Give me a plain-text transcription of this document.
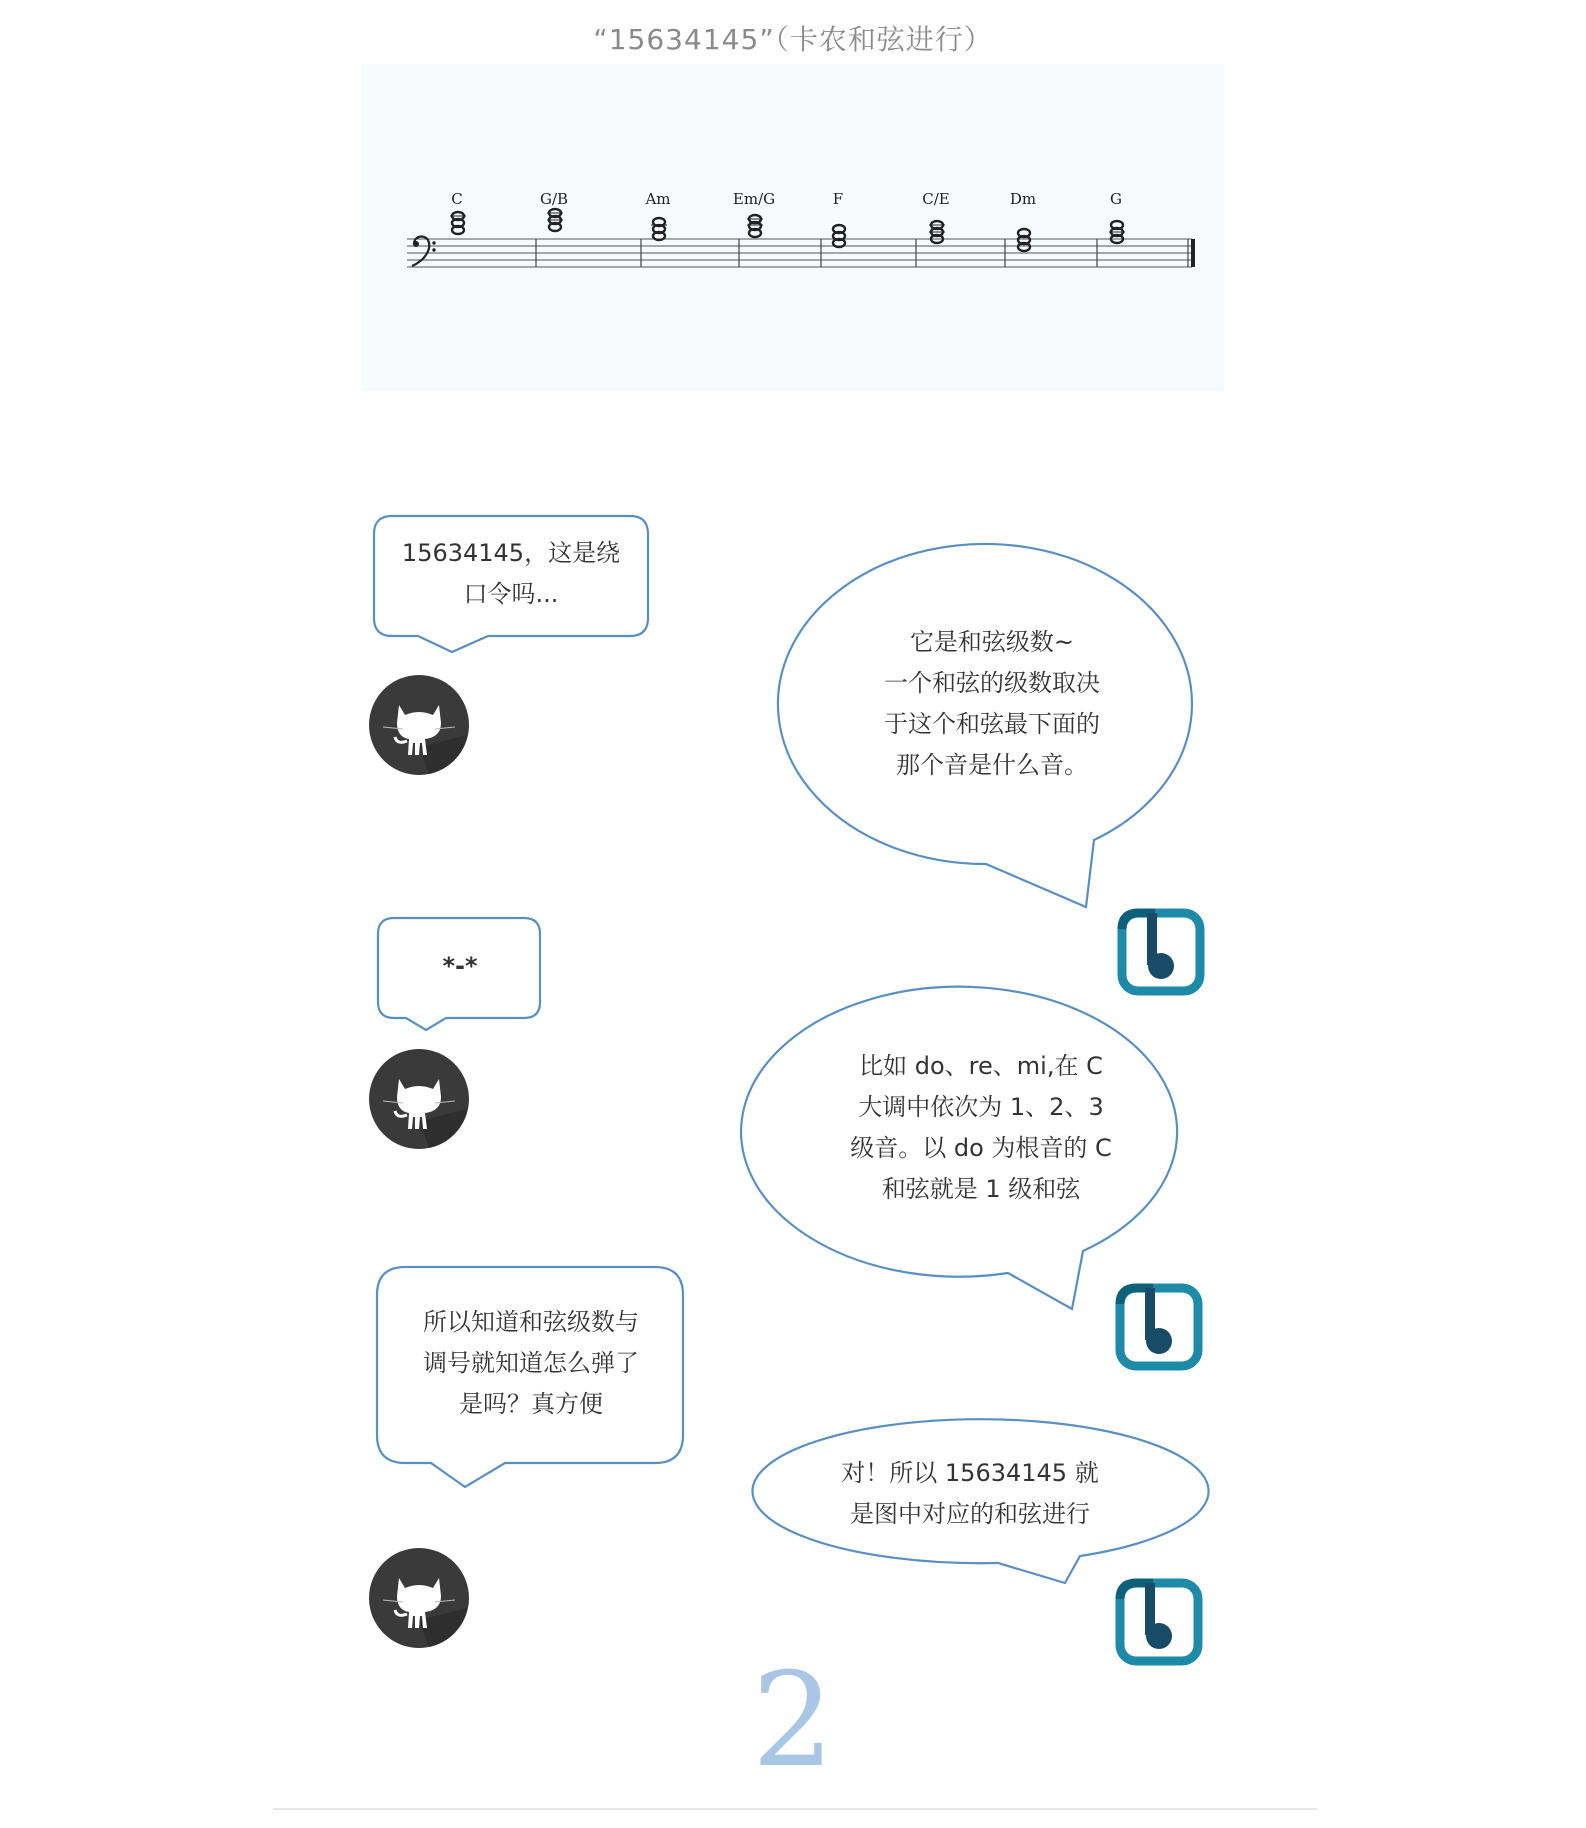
“15634145”（卡农和弦进行）
C	G/B	Am	Em/G	F	C/E	Dm	G
15634145，这是绕
口令吗...
它是和弦级数~
一个和弦的级数取决
于这个和弦最下面的
那个音是什么音。
*-*
比如 do、re、mi,在 C
大调中依次为 1、2、3
级音。以 do 为根音的 C
和弦就是 1 级和弦
所以知道和弦级数与
调号就知道怎么弹了
是吗？真方便
对！所以 15634145 就
是图中对应的和弦进行
2
